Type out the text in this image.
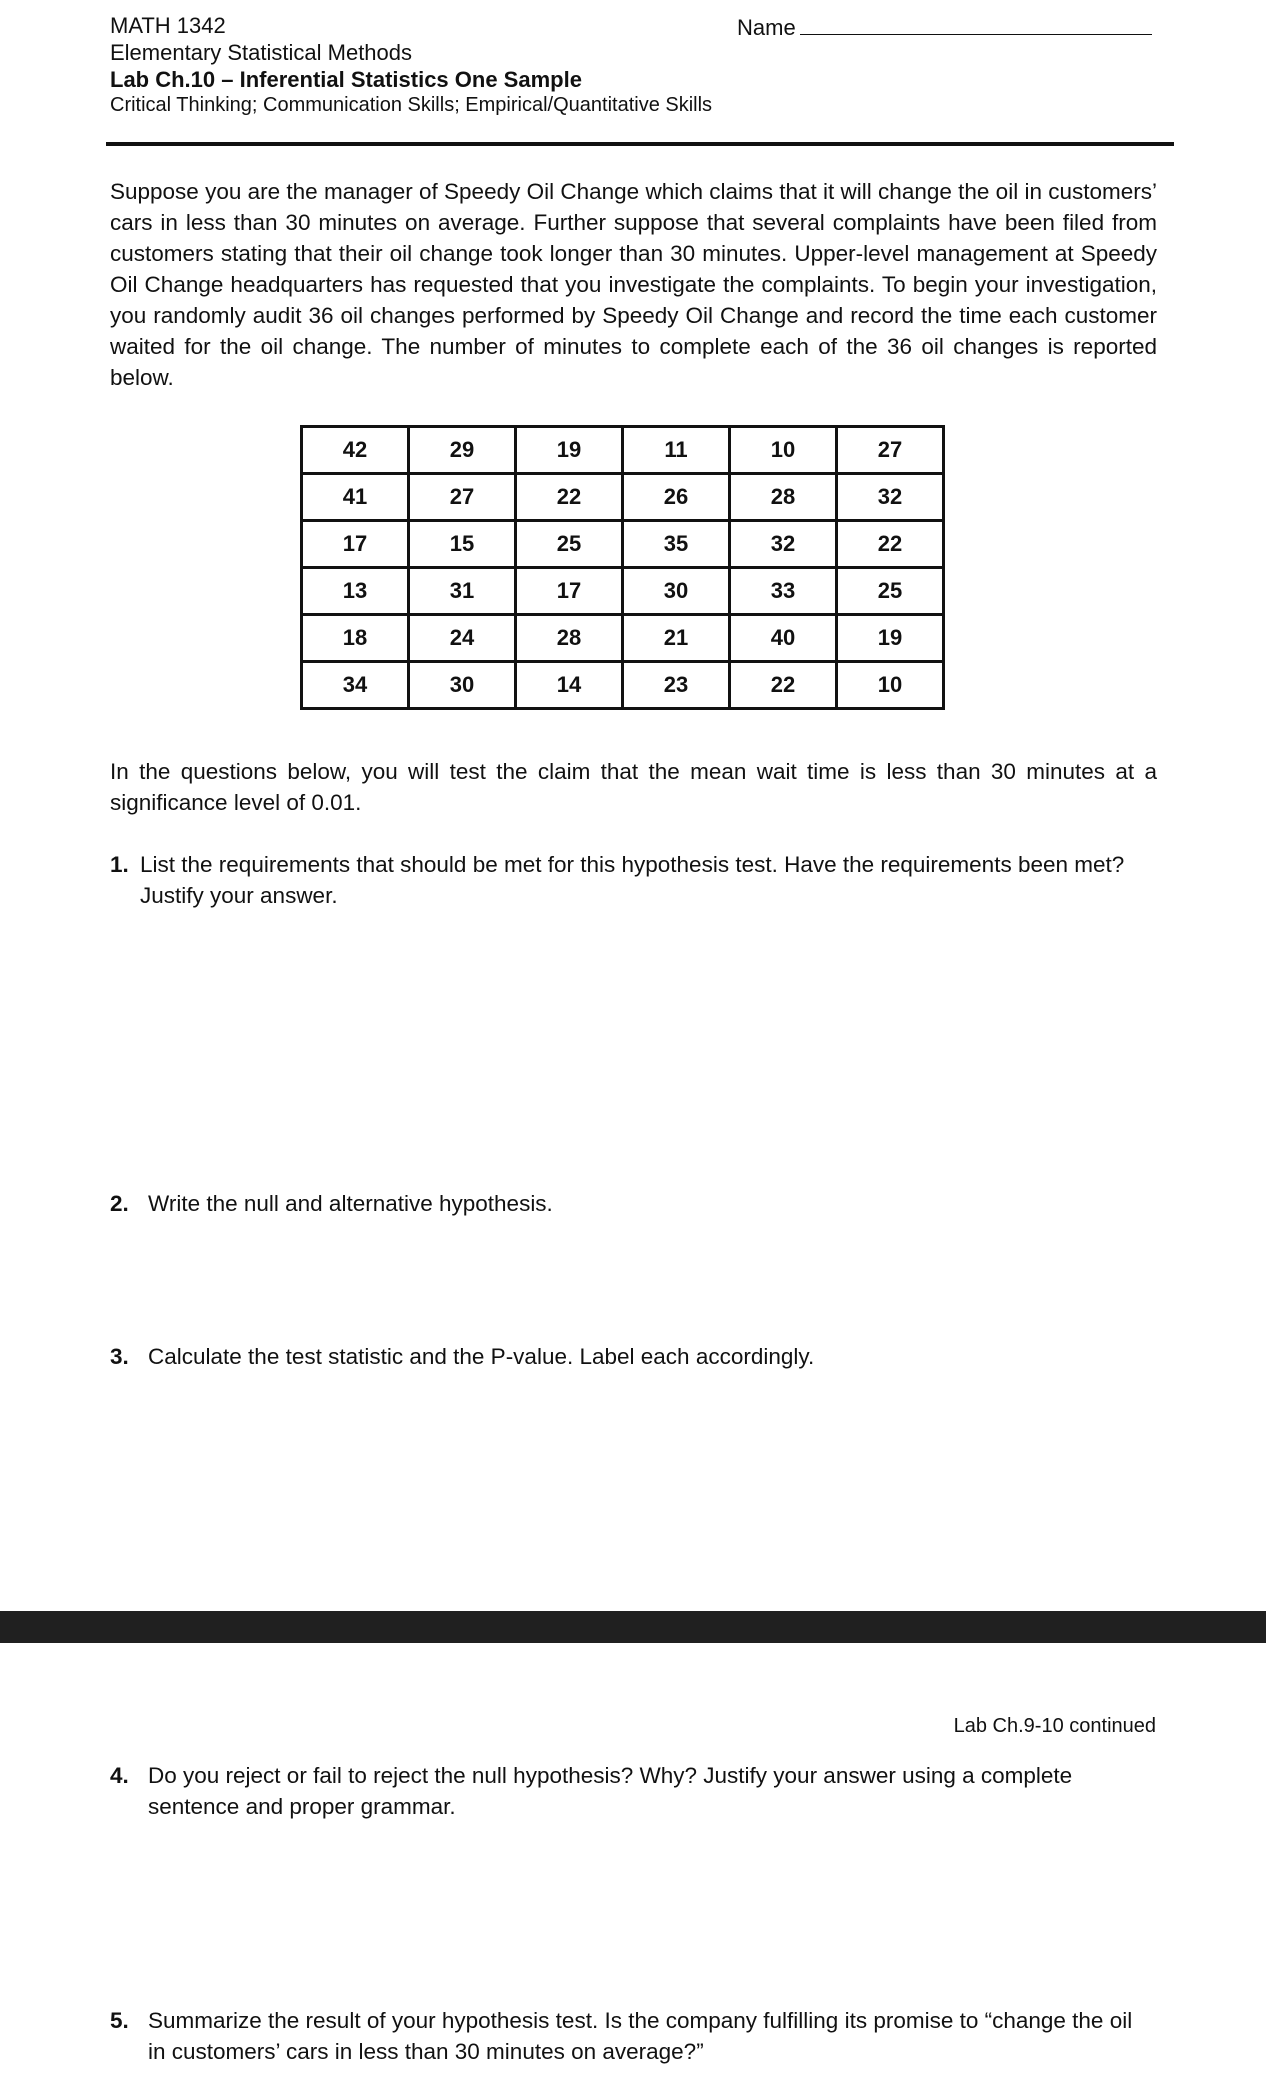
MATH 1342
Elementary Statistical Methods
Lab Ch.10 – Inferential Statistics One Sample
Critical Thinking; Communication Skills; Empirical/Quantitative Skills
Name
Suppose you are the manager of Speedy Oil Change which claims that it will change the oil in customers’ cars in less than 30 minutes on average. Further suppose that several complaints have been filed from customers stating that their oil change took longer than 30 minutes. Upper-level management at Speedy Oil Change headquarters has requested that you investigate the complaints. To begin your investigation, you randomly audit 36 oil changes performed by Speedy Oil Change and record the time each customer waited for the oil change. The number of minutes to complete each of the 36 oil changes is reported below.
42	29	19	11	10	27
41	27	22	26	28	32
17	15	25	35	32	22
13	31	17	30	33	25
18	24	28	21	40	19
34	30	14	23	22	10
In the questions below, you will test the claim that the mean wait time is less than 30 minutes at a significance level of 0.01.
1. List the requirements that should be met for this hypothesis test. Have the requirements been met? Justify your answer.
2. Write the null and alternative hypothesis.
3. Calculate the test statistic and the P-value. Label each accordingly.
Lab Ch.9-10 continued
4. Do you reject or fail to reject the null hypothesis? Why? Justify your answer using a complete sentence and proper grammar.
5. Summarize the result of your hypothesis test. Is the company fulfilling its promise to “change the oil in customers’ cars in less than 30 minutes on average?”
